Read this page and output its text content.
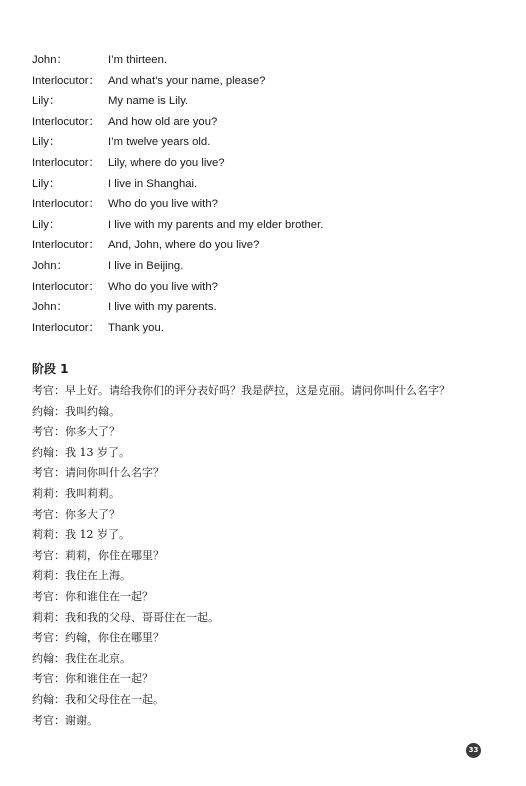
John：	I’m thirteen.
Interlocutor： And what’s your name, please?
Lily：	My name is Lily.
Interlocutor： And how old are you?
Lily：	I’m twelve years old.
Interlocutor： Lily, where do you live?
Lily：	I live in Shanghai.
Interlocutor： Who do you live with?
Lily：	I live with my parents and my elder brother.
Interlocutor： And, John, where do you live?
John：	I live in Beijing.
Interlocutor： Who do you live with?
John：	I live with my parents.
Interlocutor： Thank you.
阶段 1
考官：早上好。请给我你们的评分表好吗？我是萨拉，这是克丽。请问你叫什么名字？
约翰：我叫约翰。
考官：你多大了？
约翰：我 13 岁了。
考官：请问你叫什么名字？
莉莉：我叫莉莉。
考官：你多大了？
莉莉：我 12 岁了。
考官：莉莉，你住在哪里？
莉莉：我住在上海。
考官：你和谁住在一起？
莉莉：我和我的父母、哥哥住在一起。
考官：约翰，你住在哪里？
约翰：我住在北京。
考官：你和谁住在一起？
约翰：我和父母住在一起。
考官：谢谢。
33
